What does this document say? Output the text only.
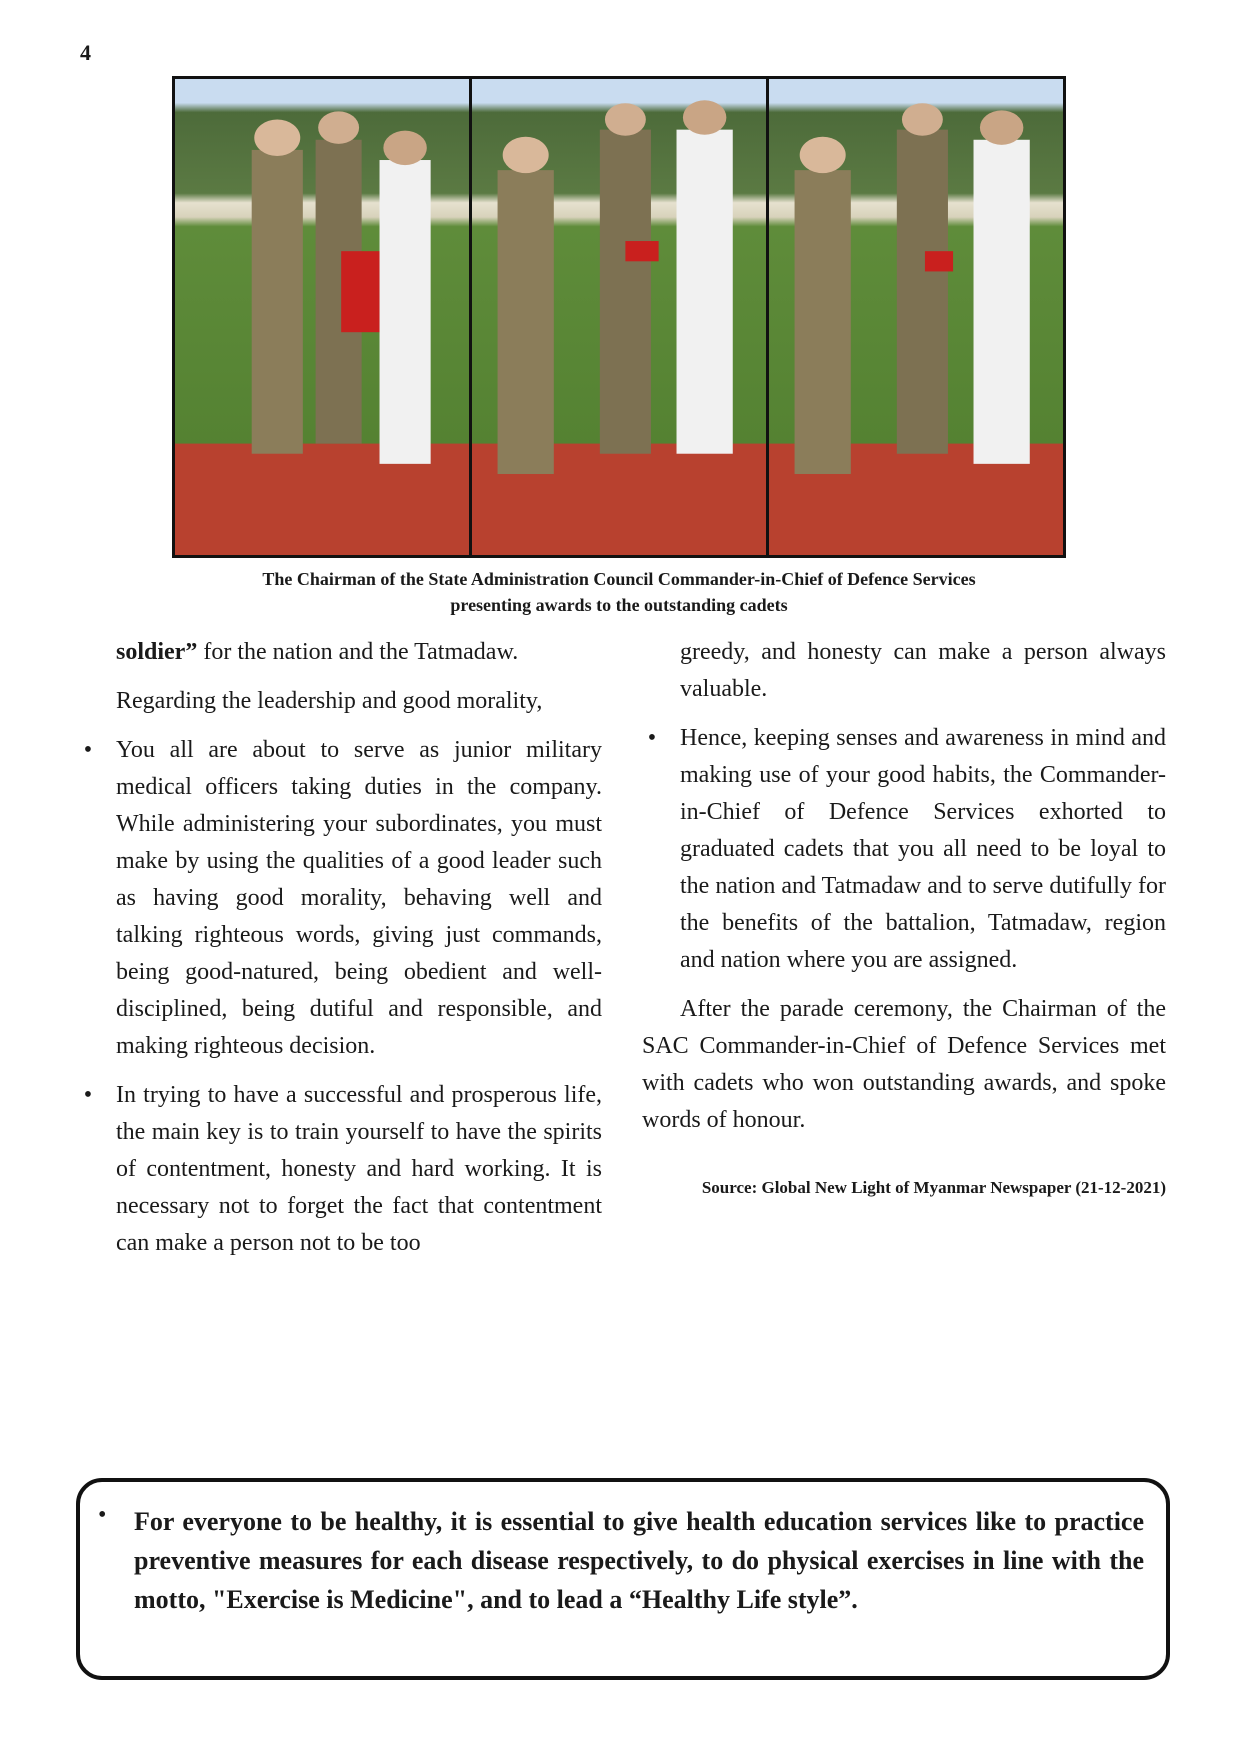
4
The Chairman of the State Administration Council Commander-in-Chief of Defence Services
presenting awards to the outstanding cadets

soldier” for the nation and the Tatmadaw.

Regarding the leadership and good morality,

• You all are about to serve as junior military medical officers taking duties in the company. While administering your subordinates, you must make by using the qualities of a good leader such as having good morality, behaving well and talking righteous words, giving just commands, being good-natured, being obedient and well-disciplined, being dutiful and responsible, and making righteous decision.
• In trying to have a successful and prosperous life, the main key is to train yourself to have the spirits of contentment, honesty and hard working. It is necessary not to forget the fact that contentment can make a person not to be too

greedy, and honesty can make a person always valuable.

• Hence, keeping senses and awareness in mind and making use of your good habits, the Commander-in-Chief of Defence Services exhorted to graduated cadets that you all need to be loyal to the nation and Tatmadaw and to serve dutifully for the benefits of the battalion, Tatmadaw, region and nation where you are assigned.

After the parade ceremony, the Chairman of the SAC Commander-in-Chief of Defence Services met with cadets who won outstanding awards, and spoke words of honour.

Source: Global New Light of Myanmar Newspaper (21-12-2021)
• For everyone to be healthy, it is essential to give health education services like to practice preventive measures for each disease respectively, to do physical exercises in line with the motto, "Exercise is Medicine", and to lead a “Healthy Life style”.
